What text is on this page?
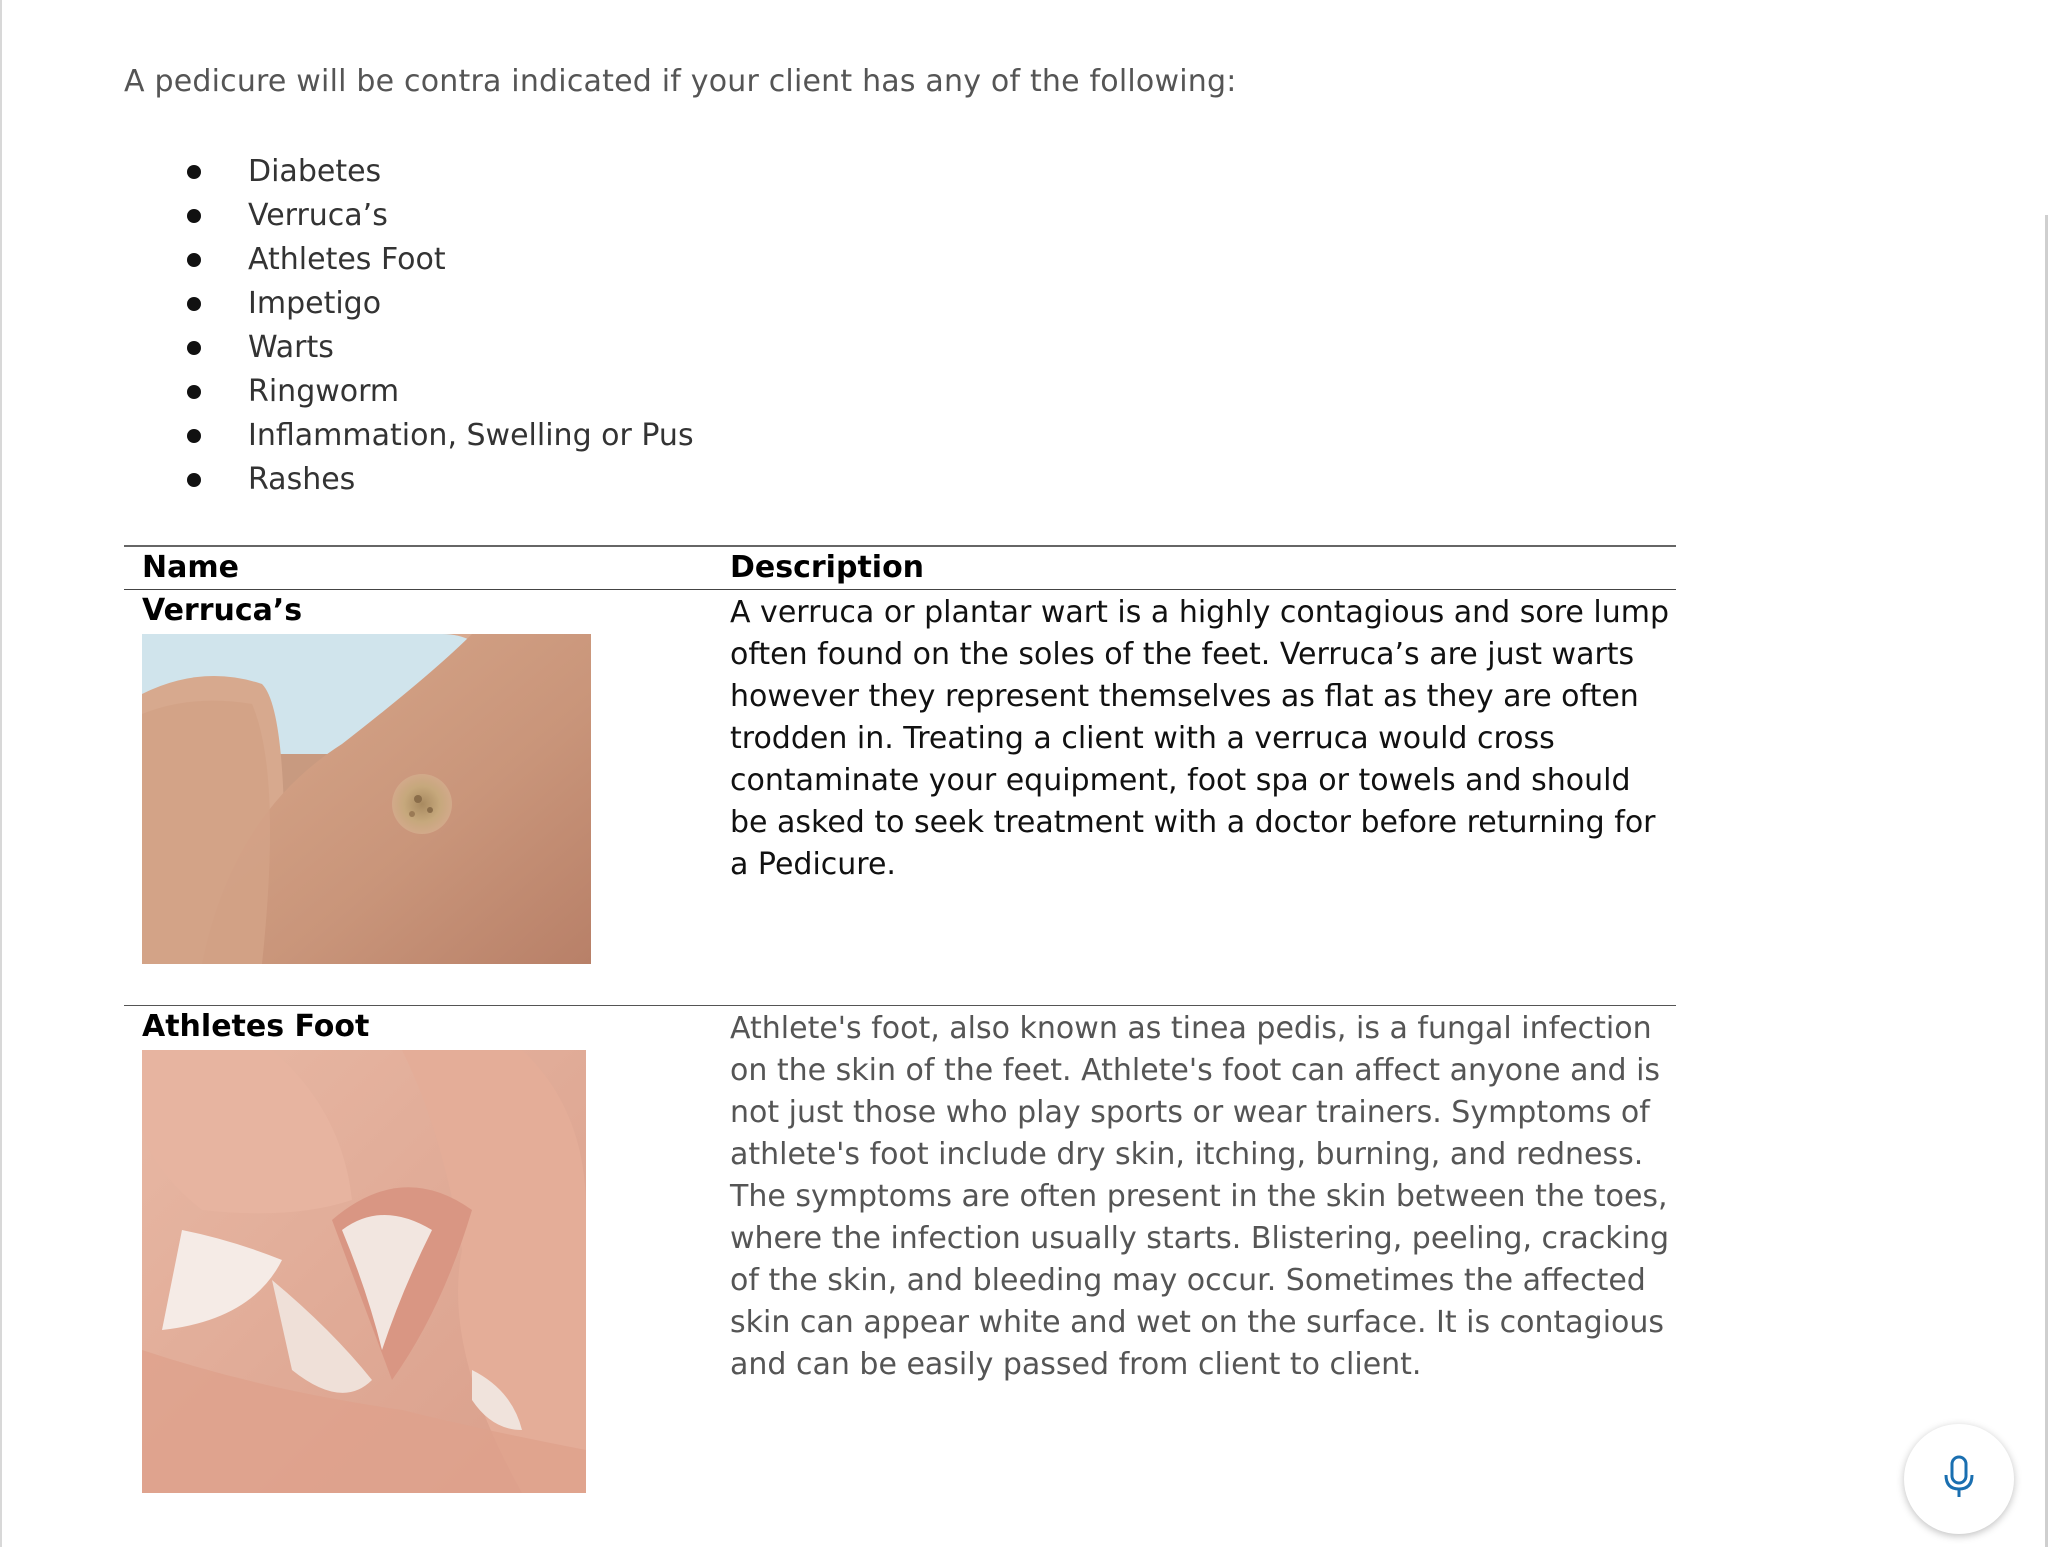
A pedicure will be contra indicated if your client has any of the following:
Diabetes
Verruca’s
Athletes Foot
Impetigo
Warts
Ringworm
Inflammation, Swelling or Pus
Rashes
Name	Description
Verruca’s	A verruca or plantar wart is a highly contagious and sore lump often found on the soles of the feet. Verruca’s are just warts however they represent themselves as flat as they are often trodden in. Treating a client with a verruca would cross contaminate your equipment, foot spa or towels and should be asked to seek treatment with a doctor before returning for a Pedicure.

Athletes Foot	Athlete's foot, also known as tinea pedis, is a fungal infection on the skin of the feet. Athlete's foot can affect anyone and is not just those who play sports or wear trainers. Symptoms of athlete's foot include dry skin, itching, burning, and redness. The symptoms are often present in the skin between the toes, where the infection usually starts. Blistering, peeling, cracking of the skin, and bleeding may occur. Sometimes the affected skin can appear white and wet on the surface. It is contagious and can be easily passed from client to client.
